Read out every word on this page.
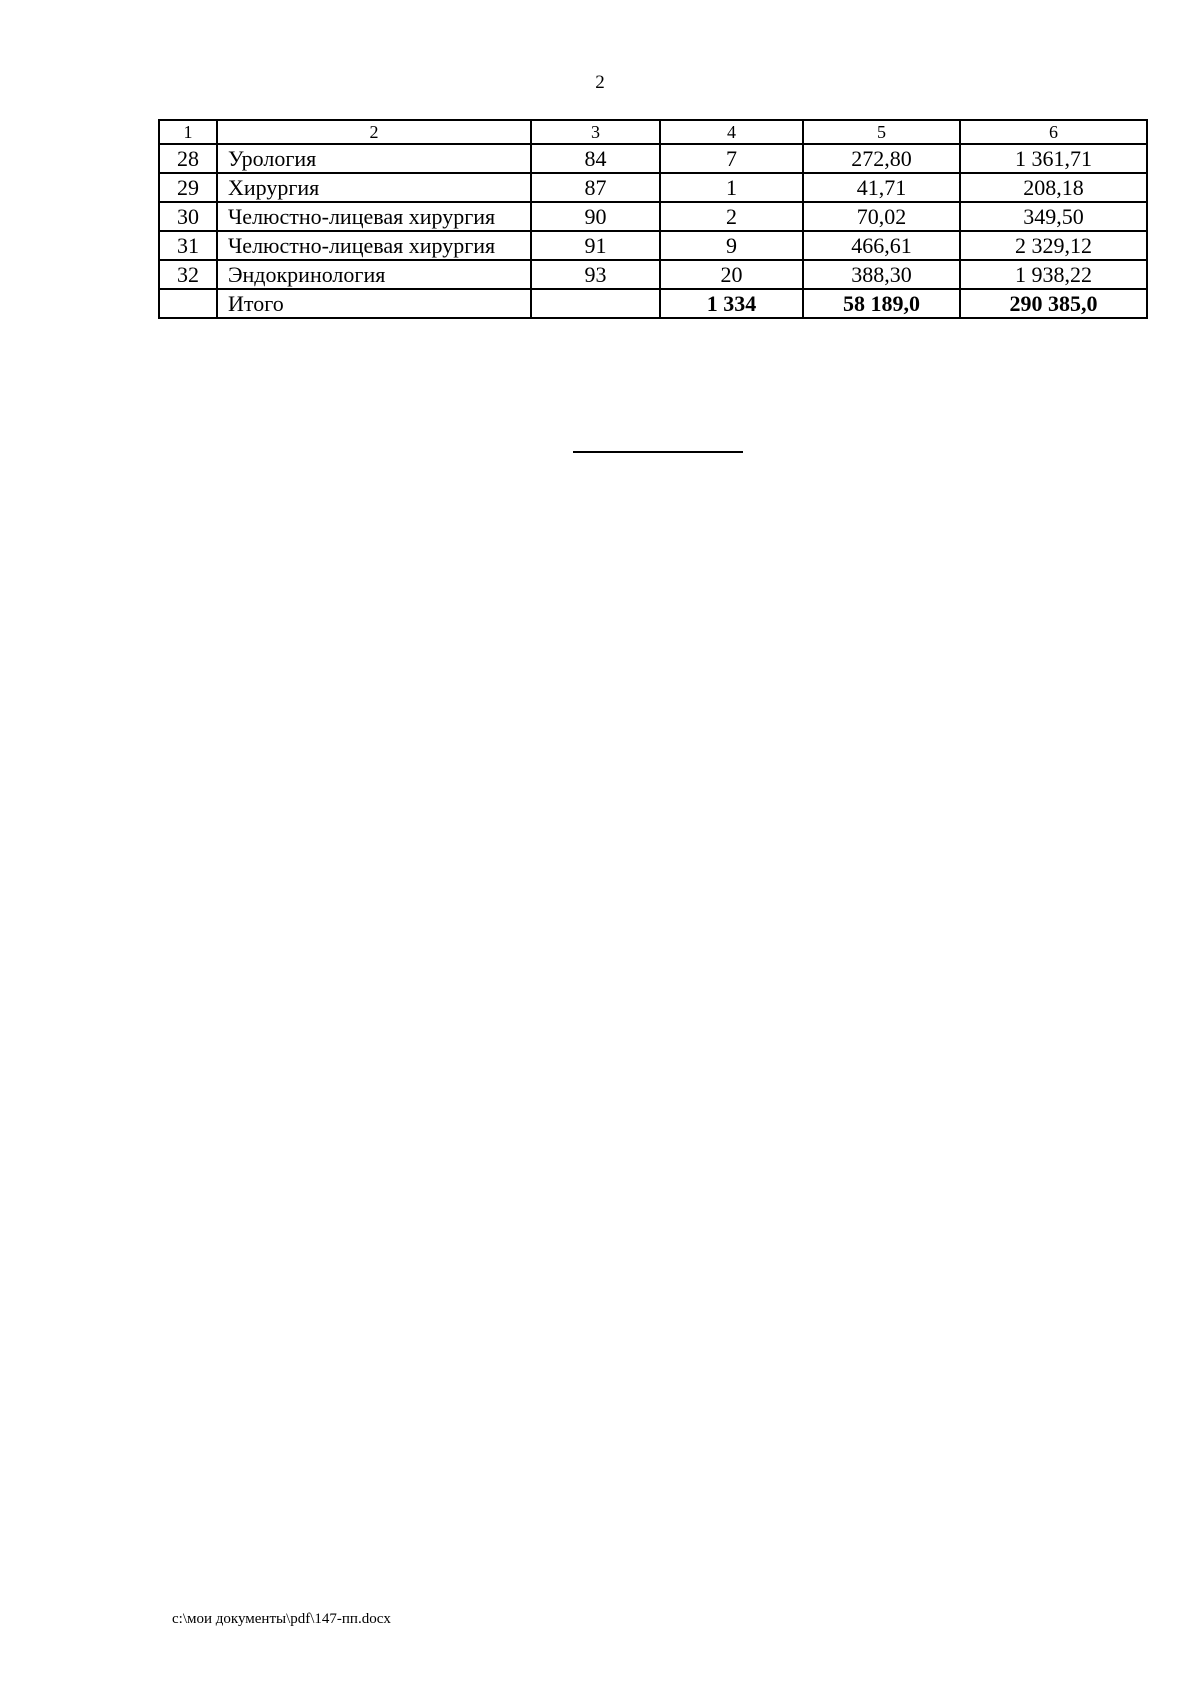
2
1	2	3	4	5	6
28	Урология	84	7	272,80	1 361,71
29	Хирургия	87	1	41,71	208,18
30	Челюстно-лицевая хирургия	90	2	70,02	349,50
31	Челюстно-лицевая хирургия	91	9	466,61	2 329,12
32	Эндокринология	93	20	388,30	1 938,22
	Итого		1 334	58 189,0	290 385,0
c:\мои документы\pdf\147-пп.docx
